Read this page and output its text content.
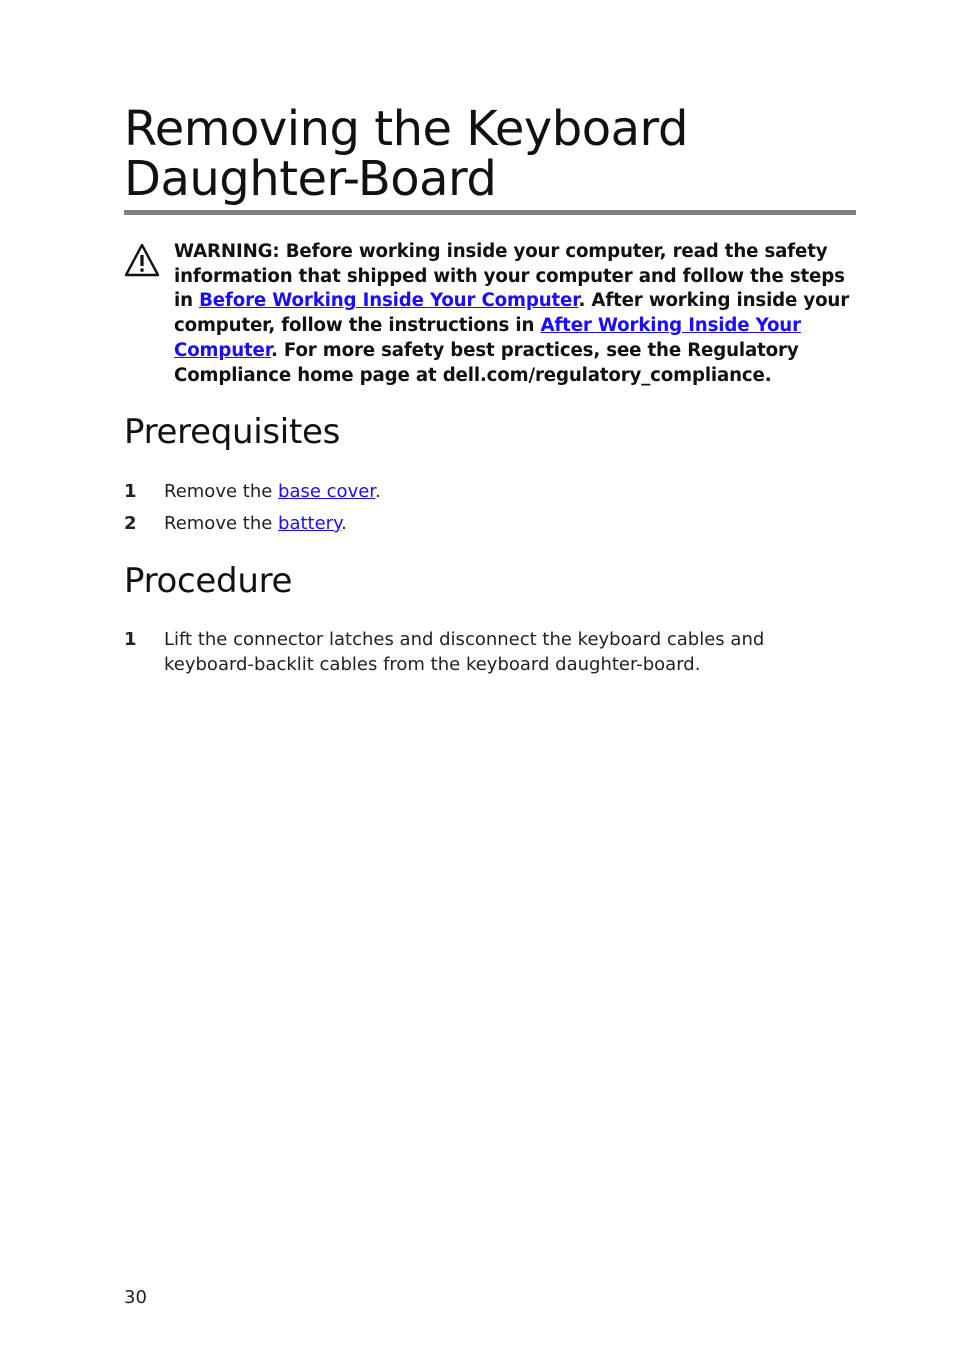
Removing the Keyboard
Daughter-Board
WARNING: Before working inside your computer, read the safety information that shipped with your computer and follow the steps in Before Working Inside Your Computer. After working inside your computer, follow the instructions in After Working Inside Your Computer. For more safety best practices, see the Regulatory Compliance home page at dell.com/regulatory_compliance.
Prerequisites
1 Remove the base cover.
2 Remove the battery.
Procedure
1 Lift the connector latches and disconnect the keyboard cables and keyboard-backlit cables from the keyboard daughter-board.
30
